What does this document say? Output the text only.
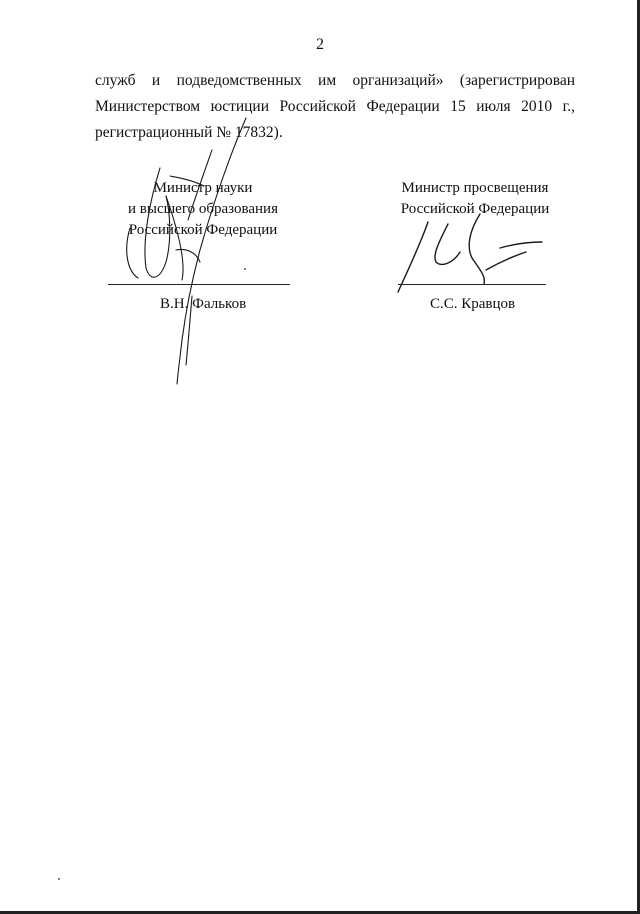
2
служб и подведомственных им организаций» (зарегистрирован
Министерством юстиции Российской Федерации 15 июля 2010 г.,
регистрационный № 17832).
Министр науки
и высшего образования
Российской Федерации
В.Н. Фальков
Министр просвещения
Российской Федерации
С.С. Кравцов
